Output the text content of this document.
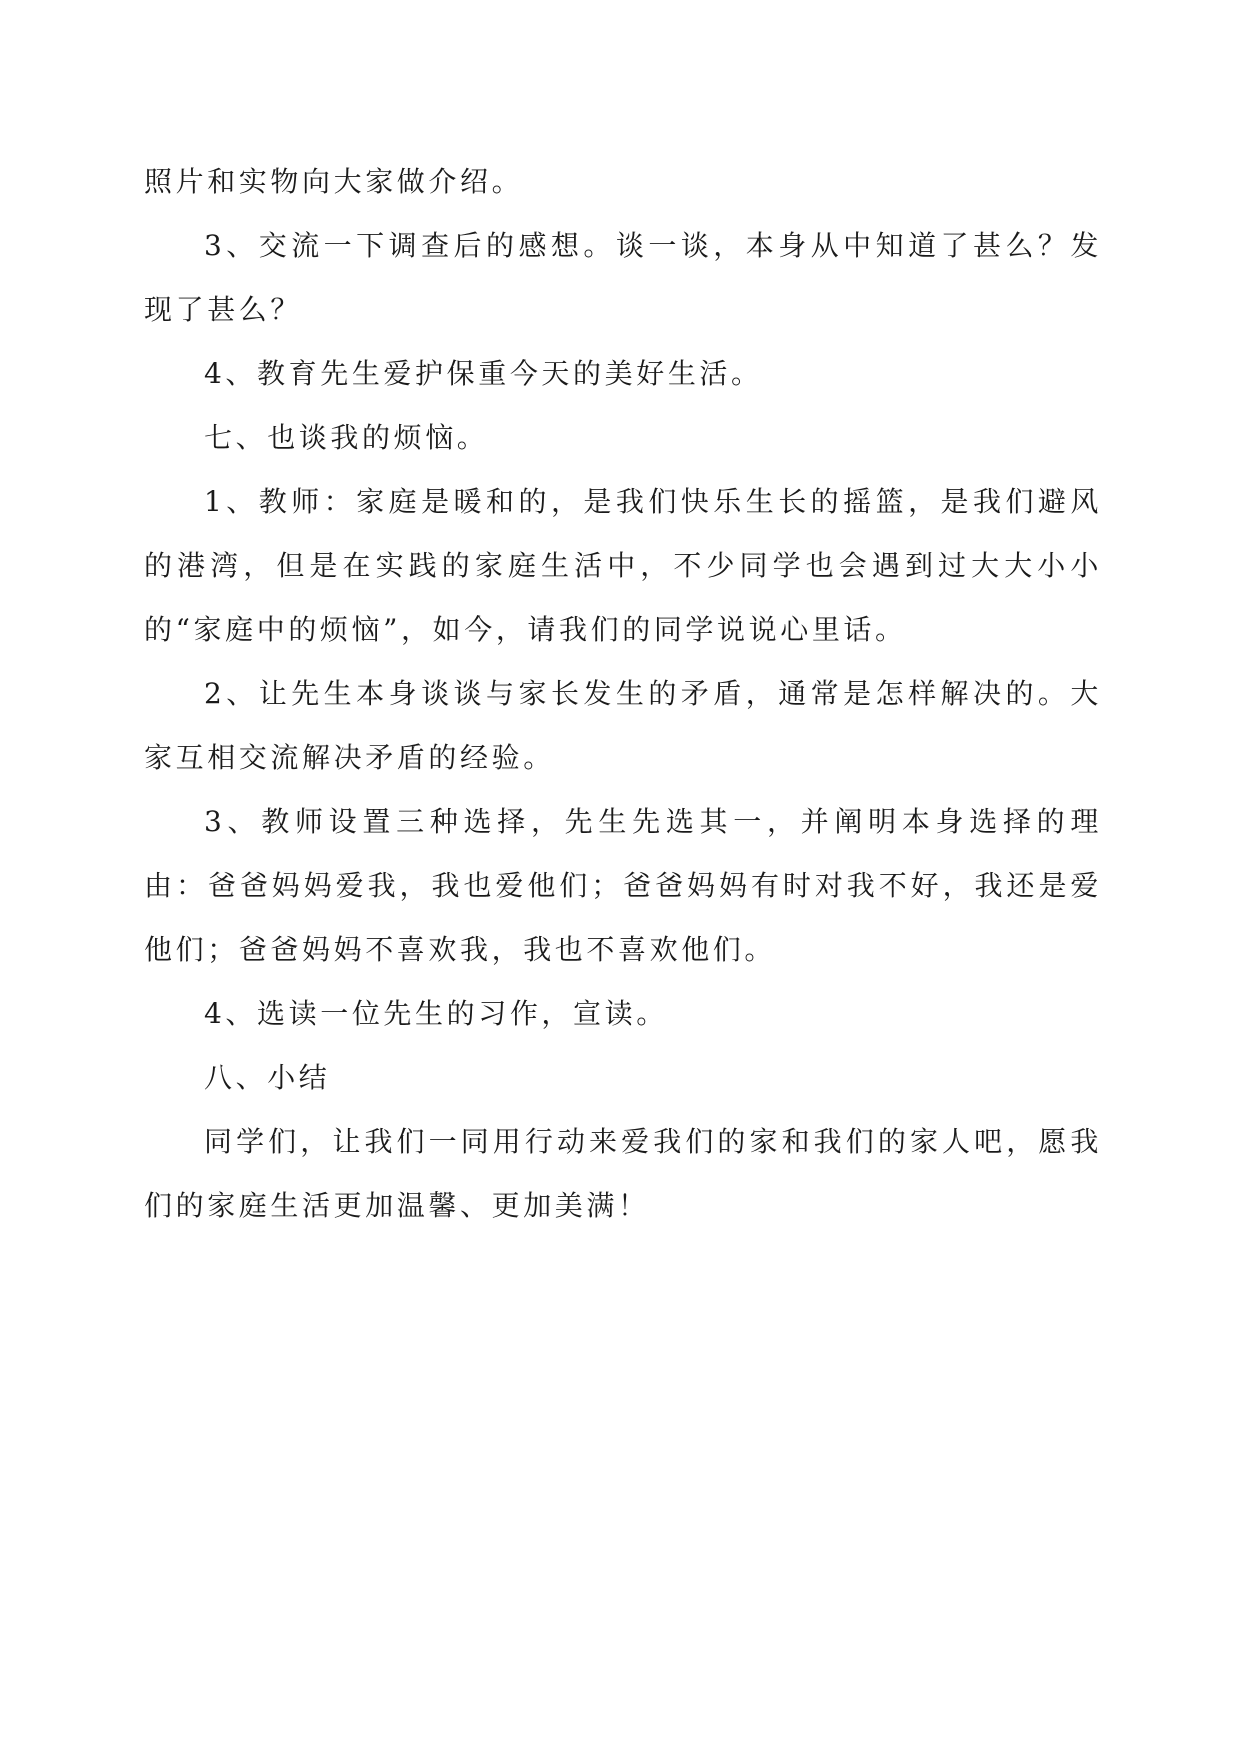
照片和实物向大家做介绍。

3、交流一下调查后的感想。谈一谈，本身从中知道了甚么？发现了甚么？

4、教育先生爱护保重今天的美好生活。

七、也谈我的烦恼。

1、教师：家庭是暖和的，是我们快乐生长的摇篮，是我们避风的港湾，但是在实践的家庭生活中，不少同学也会遇到过大大小小的“家庭中的烦恼”，如今，请我们的同学说说心里话。

2、让先生本身谈谈与家长发生的矛盾，通常是怎样解决的。大家互相交流解决矛盾的经验。

3、教师设置三种选择，先生先选其一，并阐明本身选择的理由：爸爸妈妈爱我，我也爱他们；爸爸妈妈有时对我不好，我还是爱他们；爸爸妈妈不喜欢我，我也不喜欢他们。

4、选读一位先生的习作，宣读。

八、小结

同学们，让我们一同用行动来爱我们的家和我们的家人吧，愿我们的家庭生活更加温馨、更加美满！
